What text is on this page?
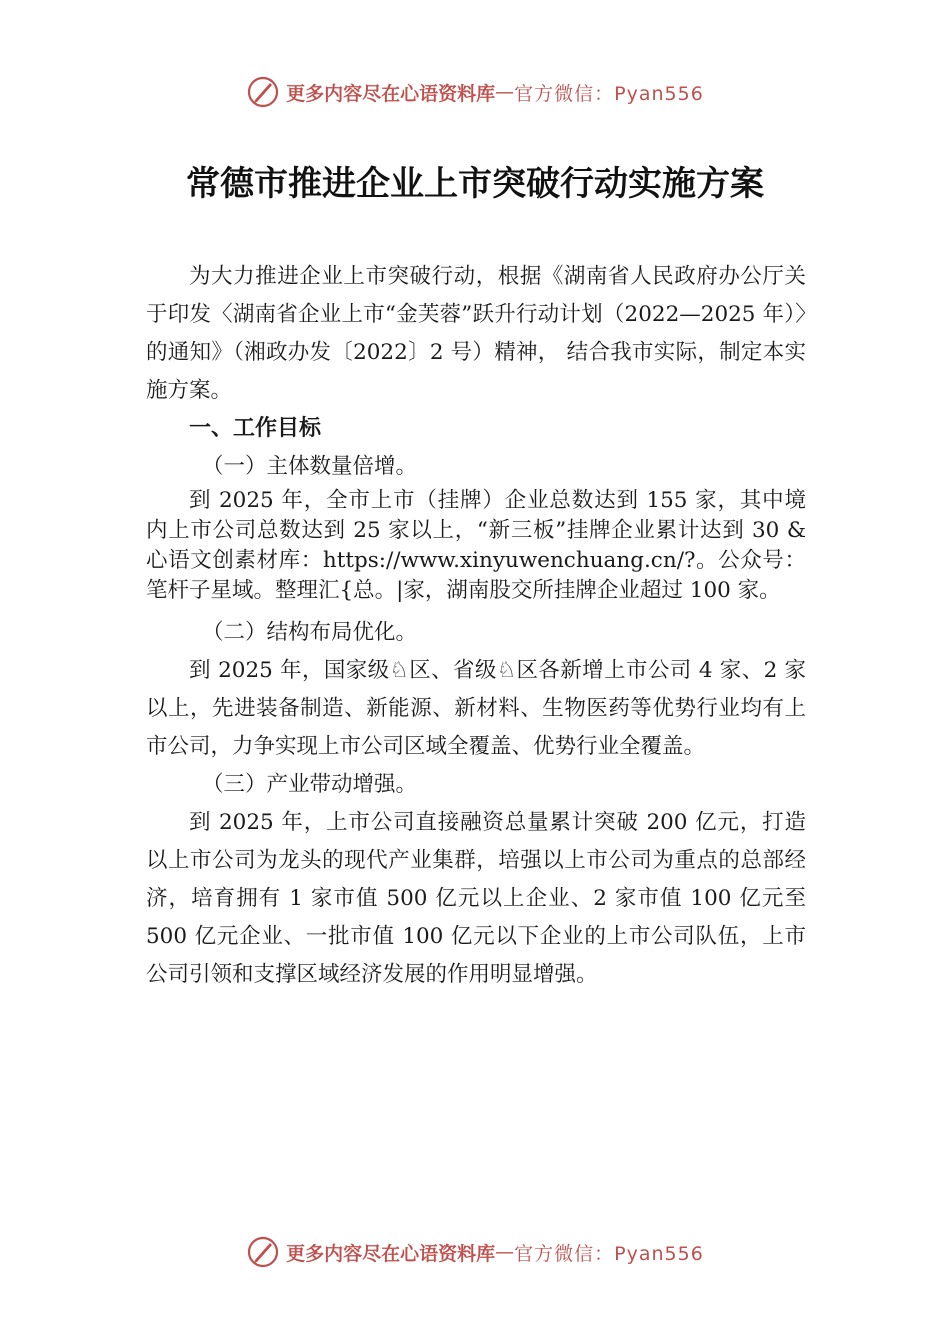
更多内容尽在心语资料库 — 官方微信：Pyan556
常德市推进企业上市突破行动实施方案

为大力推进企业上市突破行动，根据《湖南省人民政府办公厅关于印发〈湖南省企业上市“金芙蓉”跃升行动计划（2022—2025 年）〉的通知》（湘政办发〔2022〕2 号）精神， 结合我市实际，制定本实施方案。

一、工作目标

（一）主体数量倍增。

到 2025 年，全市上市（挂牌）企业总数达到 155 家，其中境内上市公司总数达到 25 家以上，“新三板”挂牌企业累计达到 30 &心语文创素材库：https://www.xinyuwenchuang.cn/?。公众号：笔杆子星域。整理汇{总。|家，湖南股交所挂牌企业超过 100 家。

（二）结构布局优化。

到 2025 年，国家级♘区、省级♘区各新增上市公司 4 家、2 家以上，先进装备制造、新能源、新材料、生物医药等优势行业均有上市公司，力争实现上市公司区域全覆盖、优势行业全覆盖。

（三）产业带动增强。

到 2025 年，上市公司直接融资总量累计突破 200 亿元，打造以上市公司为龙头的现代产业集群，培强以上市公司为重点的总部经济，培育拥有 1 家市值 500 亿元以上企业、2 家市值 100 亿元至 500 亿元企业、一批市值 100 亿元以下企业的上市公司队伍，上市公司引领和支撑区域经济发展的作用明显增强。

更多内容尽在心语资料库 — 官方微信：Pyan556
